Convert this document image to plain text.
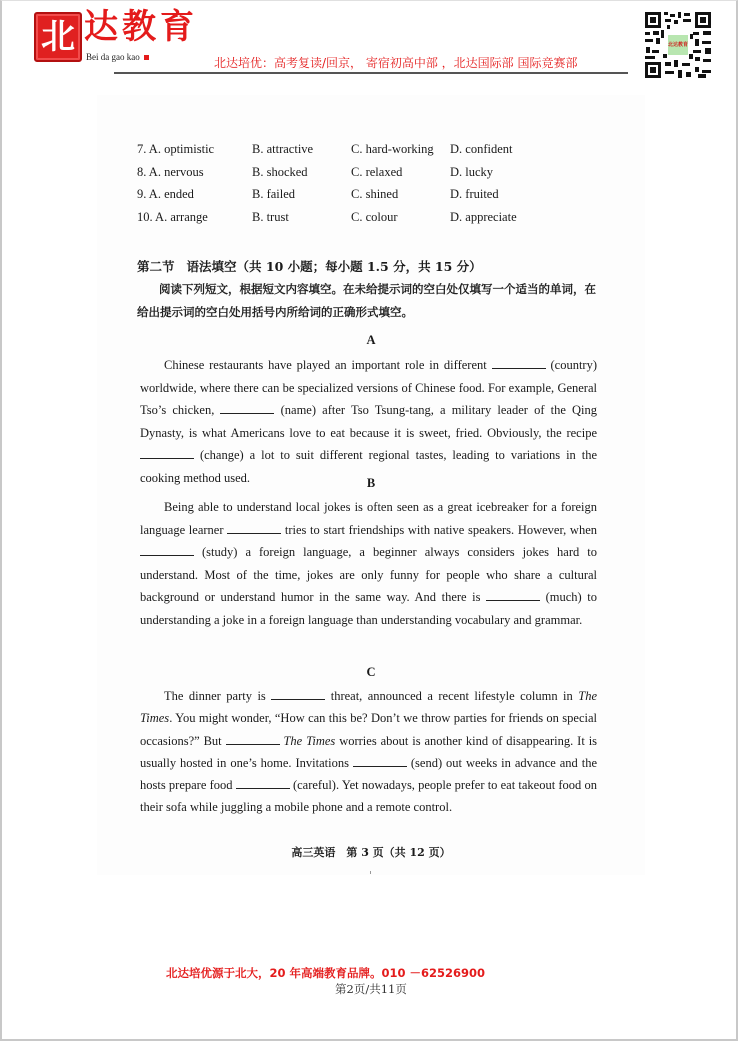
北 达教育
Bei da gao kao	北达培优：高考复读/回京， 寄宿初高中部 ，北达国际部 国际竞赛部
北达教育
7. A. optimistic	B. attractive	C. hard-working D. confident
8. A. nervous	B. shocked	C. relaxed	D. lucky
9. A. ended	B. failed	C. shined	D. fruited
10. A. arrange	B. trust	C. colour	D. appreciate
第二节 语法填空（共 10 小题；每小题 1.5 分，共 15 分）
阅读下列短文，根据短文内容填空。在未给提示词的空白处仅填写一个适当的单词，在给出提示词的空白处用括号内所给词的正确形式填空。
A
Chinese restaurants have played an important role in different	(country) worldwide, where there can be specialized versions of Chinese food. For example, General Tso’s chicken,	(name) after Tso Tsung-tang, a military leader of the Qing Dynasty, is what Americans love to eat because it is sweet, fried. Obviously, the recipe  (change) a lot to suit different regional tastes, leading to variations in the cooking method used.	B
Being able to understand local jokes is often seen as a great icebreaker for a foreign language learner	tries to start friendships with native speakers. However, when  (study) a foreign language, a beginner always considers jokes hard to understand. Most of the time, jokes are only funny for people who share a cultural background or understand humor in the same way. And there is	(much) to understanding a joke in a foreign language than understanding vocabulary and grammar.
C
The dinner party is	threat, announced a recent lifestyle column in The Times. You might wonder, “How can this be? Don’t we throw parties for friends on special occasions?” But	The Times worries about is another kind of disappearing. It is usually hosted in one’s home. Invitations	(send) out weeks in advance and the hosts prepare food	(careful). Yet nowadays, people prefer to eat takeout food on their sofa while juggling a mobile phone and a remote control.
高三英语　第 3 页（共 12 页）
北达培优源于北大，20 年高端教育品牌。010 －62526900
第2页/共11页
